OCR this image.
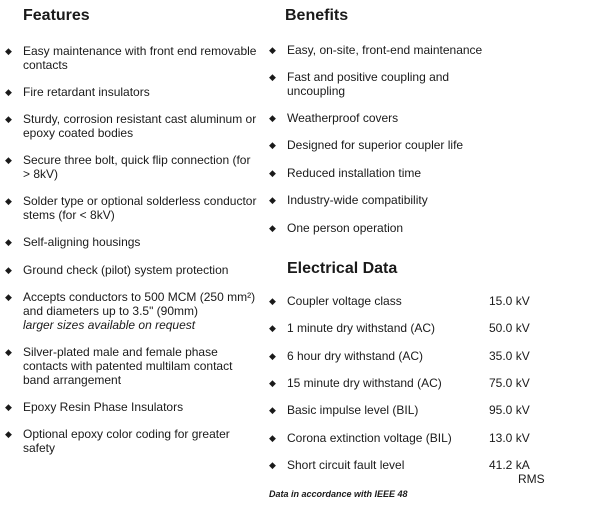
Features
◆ Easy maintenance with front end removable contacts
◆ Fire retardant insulators
◆ Sturdy, corrosion resistant cast aluminum or epoxy coated bodies
◆ Secure three bolt, quick flip connection (for > 8kV)
◆ Solder type or optional solderless conductor stems (for < 8kV)
◆ Self-aligning housings
◆ Ground check (pilot) system protection
◆ Accepts conductors to 500 MCM (250 mm²) and diameters up to 3.5" (90mm)
larger sizes available on request
◆ Silver-plated male and female phase contacts with patented multilam contact band arrangement
◆ Epoxy Resin Phase Insulators
◆ Optional epoxy color coding for greater safety
Benefits
◆ Easy, on-site, front-end maintenance
◆ Fast and positive coupling and uncoupling
◆ Weatherproof covers
◆ Designed for superior coupler life
◆ Reduced installation time
◆ Industry-wide compatibility
◆ One person operation
Electrical Data
◆ Coupler voltage class	15.0 kV
◆ 1 minute dry withstand (AC)	50.0 kV
◆ 6 hour dry withstand (AC)	35.0 kV
◆ 15 minute dry withstand (AC)	75.0 kV
◆ Basic impulse level (BIL)	95.0 kV
◆ Corona extinction voltage (BIL)	13.0 kV
◆ Short circuit fault level	41.2 kA
RMS
Data in accordance with IEEE 48
